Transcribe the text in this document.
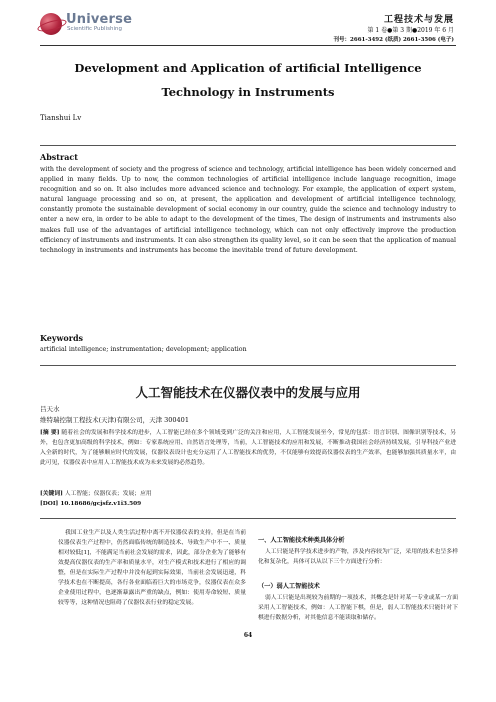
Universe
Scientific Publishing
工程技术与发展
第 1 卷●第 3 期●2019 年 6 月
刊号：2661-3492 (纸质) 2661-3506 (电子)
Development and Application of artificial Intelligence Technology in Instruments
Tianshui Lv
Abstract
with the development of society and the progress of science and technology, artificial intelligence has been widely concerned and applied in many fields. Up to now, the common technologies of artificial intelligence include language recognition, image recognition and so on. It also includes more advanced science and technology. For example, the application of expert system, natural language processing and so on, at present, the application and development of artificial intelligence technology, constantly promote the sustainable development of social economy in our country, guide the science and technology industry to enter a new era, in order to be able to adapt to the development of the times, The design of instruments and instruments also makes full use of the advantages of artificial intelligence technology, which can not only effectively improve the production efficiency of instruments and instruments. It can also strengthen its quality level, so it can be seen that the application of manual technology in instruments and instruments has become the inevitable trend of future development.
Keywords
artificial intelligence; instrumentation; development; application
人工智能技术在仪器仪表中的发展与应用
吕天水
维特瑞控制工程技术(天津)有限公司，天津 300401
[摘 要] 随着社会的发展和科学技术的进步，人工智能已经在多个领域受到广泛的关注和应用，人工智能发展至今，常见的包括：语言识别、图像识别等技术，另外，也包含更加高级的科学技术，例如：专家系统应用、自然语言处理等，当前，人工智能技术的应用和发展，不断推动我国社会经济持续发展，引导科技产业进入全新的时代，为了能够顺应时代的发展，仪器仪表设计也充分运用了人工智能技术的优势，不仅能够有效提高仪器仪表的生产效率，也能够加强其质量水平，由此可见，仪器仪表中应用人工智能技术成为未来发展的必然趋势。
[关键词] 人工智能；仪器仪表；发展；应用
[DOI] 10.18686/gcjsfz.v1i3.509
我国工业生产以及人类生活过程中离不开仪器仪表的支持，但是在当前仪器仪表生产过程中，仍然面临传统的制造技术、导致生产中不一、质量相对较低[1]，不能满足当前社会发展的需求，因此，部分企业为了能够有效提高仪器仪表的生产率和质量水平，对生产模式和技术进行了相应的调整，但是在实际生产过程中并没有起到实际效果，当前社会发展迅速，科学技术也在不断提高，各行各业面临着巨大的市场竞争，仪器仪表在众多企业使用过程中，也逐渐暴露出严重的缺点，例如：使用寿命较短、质量较等等，这种情况也阻碍了仪器仪表行业的稳定发展。
一、人工智能技术种类具体分析
人工只能是科学技术进步的产物，涉及内容较为广泛，采用的技术也呈多样化和复杂化，具体可以从以下三个方面进行分析：
（一）弱人工智能技术
弱人工只能是出现较为前期的一项技术，其概念是针对某一专业或某一方面采用人工智能技术，例如：人工智能下棋，但是，弱人工智能技术只能针对下棋进行数据分析，对其他信息不能读取和储存。
64
